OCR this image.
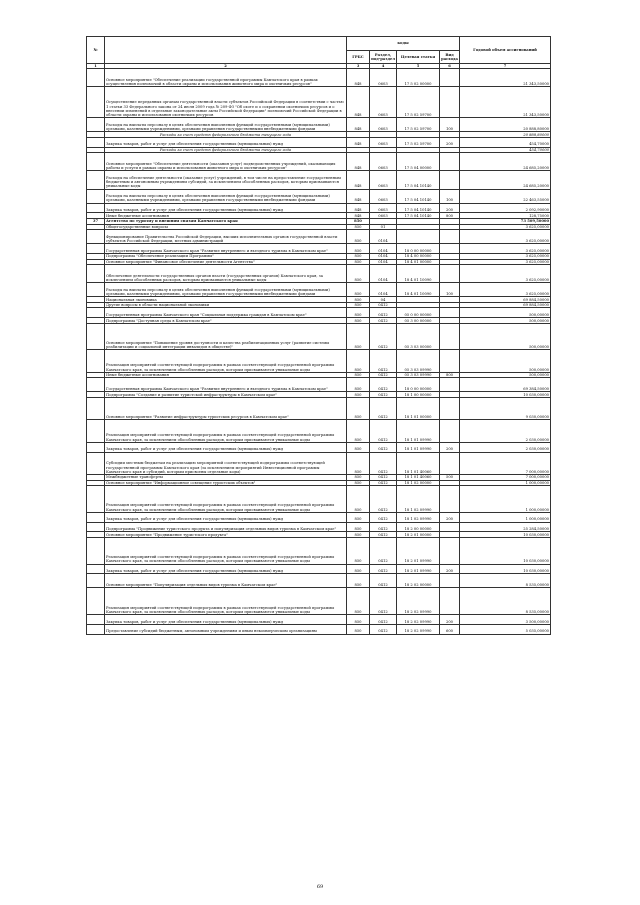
№		коды				Годовой объем ассигнований
		ГРБС	Раздел, под-раздел	Целевая статья	Вид расхода	
1	2	3	4	5	6	7
	Основное мероприятие "Обеспечение реализации государственной программы Камчатского края в рамках осуществления полномочий в области охраны и использования животного мира и охотничьих ресурсов"	848	0603	17 5 02 00000		21 343,50000
	Осуществление переданных органам государственной власти субъектов Российской Федерации в соответствии с частью 1 статьи 33 Федерального закона от 24 июля 2009 года № 209-ФЗ "Об охоте и о сохранении охотничьих ресурсов и о внесении изменений в отдельные законодательные акты Российской Федерации" полномочий Российской Федерации в области охраны и использования охотничьих ресурсов	848	0603	17 5 02 59700		21 343,50000
	Расходы на выплаты персоналу в целях обеспечения выполнения функций государственными (муниципальными) органами, казенными учреждениями, органами управления государственными внебюджетными фондами	848	0603	17 5 02 59700	100	20 888,80000
	Расходы за счет средств федерального бюджета текущего года					20 888,80000
	Закупка товаров, работ и услуг для обеспечения государственных (муниципальных) нужд	848	0603	17 5 02 59700	200	454,70000
	Расходы за счет средств федерального бюджета текущего года					454,70000
	Основное мероприятие "Обеспечение деятельности (оказания услуг) подведомственных учреждений, оказывающих работы и услуги в рамках охраны и использования животного мира и охотничьих ресурсов"	848	0603	17 5 04 00000		24 685,20000
	Расходы на обеспечение деятельности (оказание услуг) учреждений, в том числе на предоставление государственным бюджетным и автономным учреждениям субсидий, за исключением обособленных расходов, которым присваиваются уникальные коды	848	0603	17 5 04 10140		24 685,20000
	Расходы на выплаты персоналу в целях обеспечения выполнения функций государственными (муниципальными) органами, казенными учреждениями, органами управления государственными внебюджетными фондами	848	0603	17 5 04 10140	100	22 463,55000
	Закупка товаров, работ и услуг для обеспечения государственных (муниципальных) нужд	848	0603	17 5 04 10140	200	2 092,90000
	Иные бюджетные ассигнования	848	0603	17 5 04 10140	800	128,75000
37	Агентство по туризму и внешним связям Камчатского края	850				73 509,50000
	Общегосударственные вопросы	850	01			3 625,00000
	Функционирование Правительства Российской Федерации, высших исполнительных органов государственной власти субъектов Российской Федерации, местных администраций	850	0104			3 625,00000
	Государственная программа Камчатского края "Развитие внутреннего и въездного туризма в Камчатском крае"	850	0104	18 0 00 00000		3 625,00000
	Подпрограмма "Обеспечение реализации Программы"	850	0104	18 4 00 00000		3 625,00000
	Основное мероприятие "Финансовое обеспечение деятельности Агентства"	850	0104	18 4 01 00000		3 625,00000
	Обеспечение деятельности государственных органов власти (государственных органов) Камчатского края, за исключением обособленных расходов, которым присваиваются уникальные коды	850	0104	18 4 01 10090		3 625,00000
	Расходы на выплаты персоналу в целях обеспечения выполнения функций государственными (муниципальными) органами, казенными учреждениями, органами управления государственными внебюджетными фондами	850	0104	18 4 01 10090	100	3 625,00000
	Национальная экономика	850	04			69 884,50000
	Другие вопросы в области национальной экономики	850	0412			69 884,50000
	Государственная программа Камчатского края "Социальная поддержка граждан в Камчатском крае"	850	0412	05 0 00 00000		500,00000
	Подпрограмма "Доступная среда в Камчатском крае"	850	0412	05 3 00 00000		500,00000
	Основное мероприятие "Повышение уровня доступности и качества реабилитационных услуг (развитие системы реабилитации и социальной интеграции инвалидов в обществе)"	850	0412	05 3 03 00000		500,00000
	Реализация мероприятий соответствующей подпрограммы в рамках соответствующей государственной программы Камчатского края, за исключением обособленных расходов, которым присваиваются уникальные коды	850	0412	05 3 03 09990		500,00000
	Иные бюджетные ассигнования	850	0412	05 3 03 09990	800	500,00000
	Государственная программа Камчатского края "Развитие внутреннего и въездного туризма в Камчатском крае"	850	0412	18 0 00 00000		69 384,50000
	Подпрограмма "Создание и развитие туристской инфраструктуры в Камчатском крае"	850	0412	18 1 00 00000		10 030,00000
	Основное мероприятие "Развитие инфраструктуры туристских ресурсов в Камчатском крае"	850	0412	18 1 01 00000		9 030,00000
	Реализация мероприятий соответствующей подпрограммы в рамках соответствующей государственной программы Камчатского края, за исключением обособленных расходов, которым присваиваются уникальные коды	850	0412	18 1 01 09990		2 030,00000
	Закупка товаров, работ и услуг для обеспечения государственных (муниципальных) нужд	850	0412	18 1 01 09990	200	2 030,00000
	Субсидии местным бюджетам на реализацию мероприятий соответствующей подпрограммы соответствующей государственной программы Камчатского края (за исключением мероприятий Инвестиционной программы Камчатского края и субсидий, которым присвоены отдельные коды)	850	0412	18 1 01 40060		7 000,00000
	Межбюджетные трансферты	850	0412	18 1 01 40060	500	7 000,00000
	Основное мероприятие "Информационное освещение туристских объектов"	850	0412	18 1 02 00000		1 000,00000
	Реализация мероприятий соответствующей подпрограммы в рамках соответствующей государственной программы Камчатского края, за исключением обособленных расходов, которым присваиваются уникальные коды	850	0412	18 1 02 09990		1 000,00000
	Закупка товаров, работ и услуг для обеспечения государственных (муниципальных) нужд	850	0412	18 1 02 09990	200	1 000,00000
	Подпрограмма "Продвижение туристского продукта и популяризация отдельных видов туризма в Камчатском крае"	850	0412	18 2 00 00000		25 284,50000
	Основное мероприятие "Продвижение туристского продукта"	850	0412	18 2 01 00000		10 030,00000
	Реализация мероприятий соответствующей подпрограммы в рамках соответствующей государственной программы Камчатского края, за исключением обособленных расходов, которым присваиваются уникальные коды	850	0412	18 2 01 09990		10 030,00000
	Закупка товаров, работ и услуг для обеспечения государственных (муниципальных) нужд	850	0412	18 2 01 09990	200	10 030,00000
	Основное мероприятие "Популяризация отдельных видов туризма в Камчатском крае"	850	0412	18 2 02 00000		8 535,00000
	Реализация мероприятий соответствующей подпрограммы в рамках соответствующей государственной программы Камчатского края, за исключением обособленных расходов, которым присваиваются уникальные коды	850	0412	18 2 02 09990		8 535,00000
	Закупка товаров, работ и услуг для обеспечения государственных (муниципальных) нужд	850	0412	18 2 02 09990	200	3 500,00000
	Предоставление субсидий бюджетным, автономным учреждениям и иным некоммерческим организациям	850	0412	18 2 02 09990	600	5 035,00000
69
